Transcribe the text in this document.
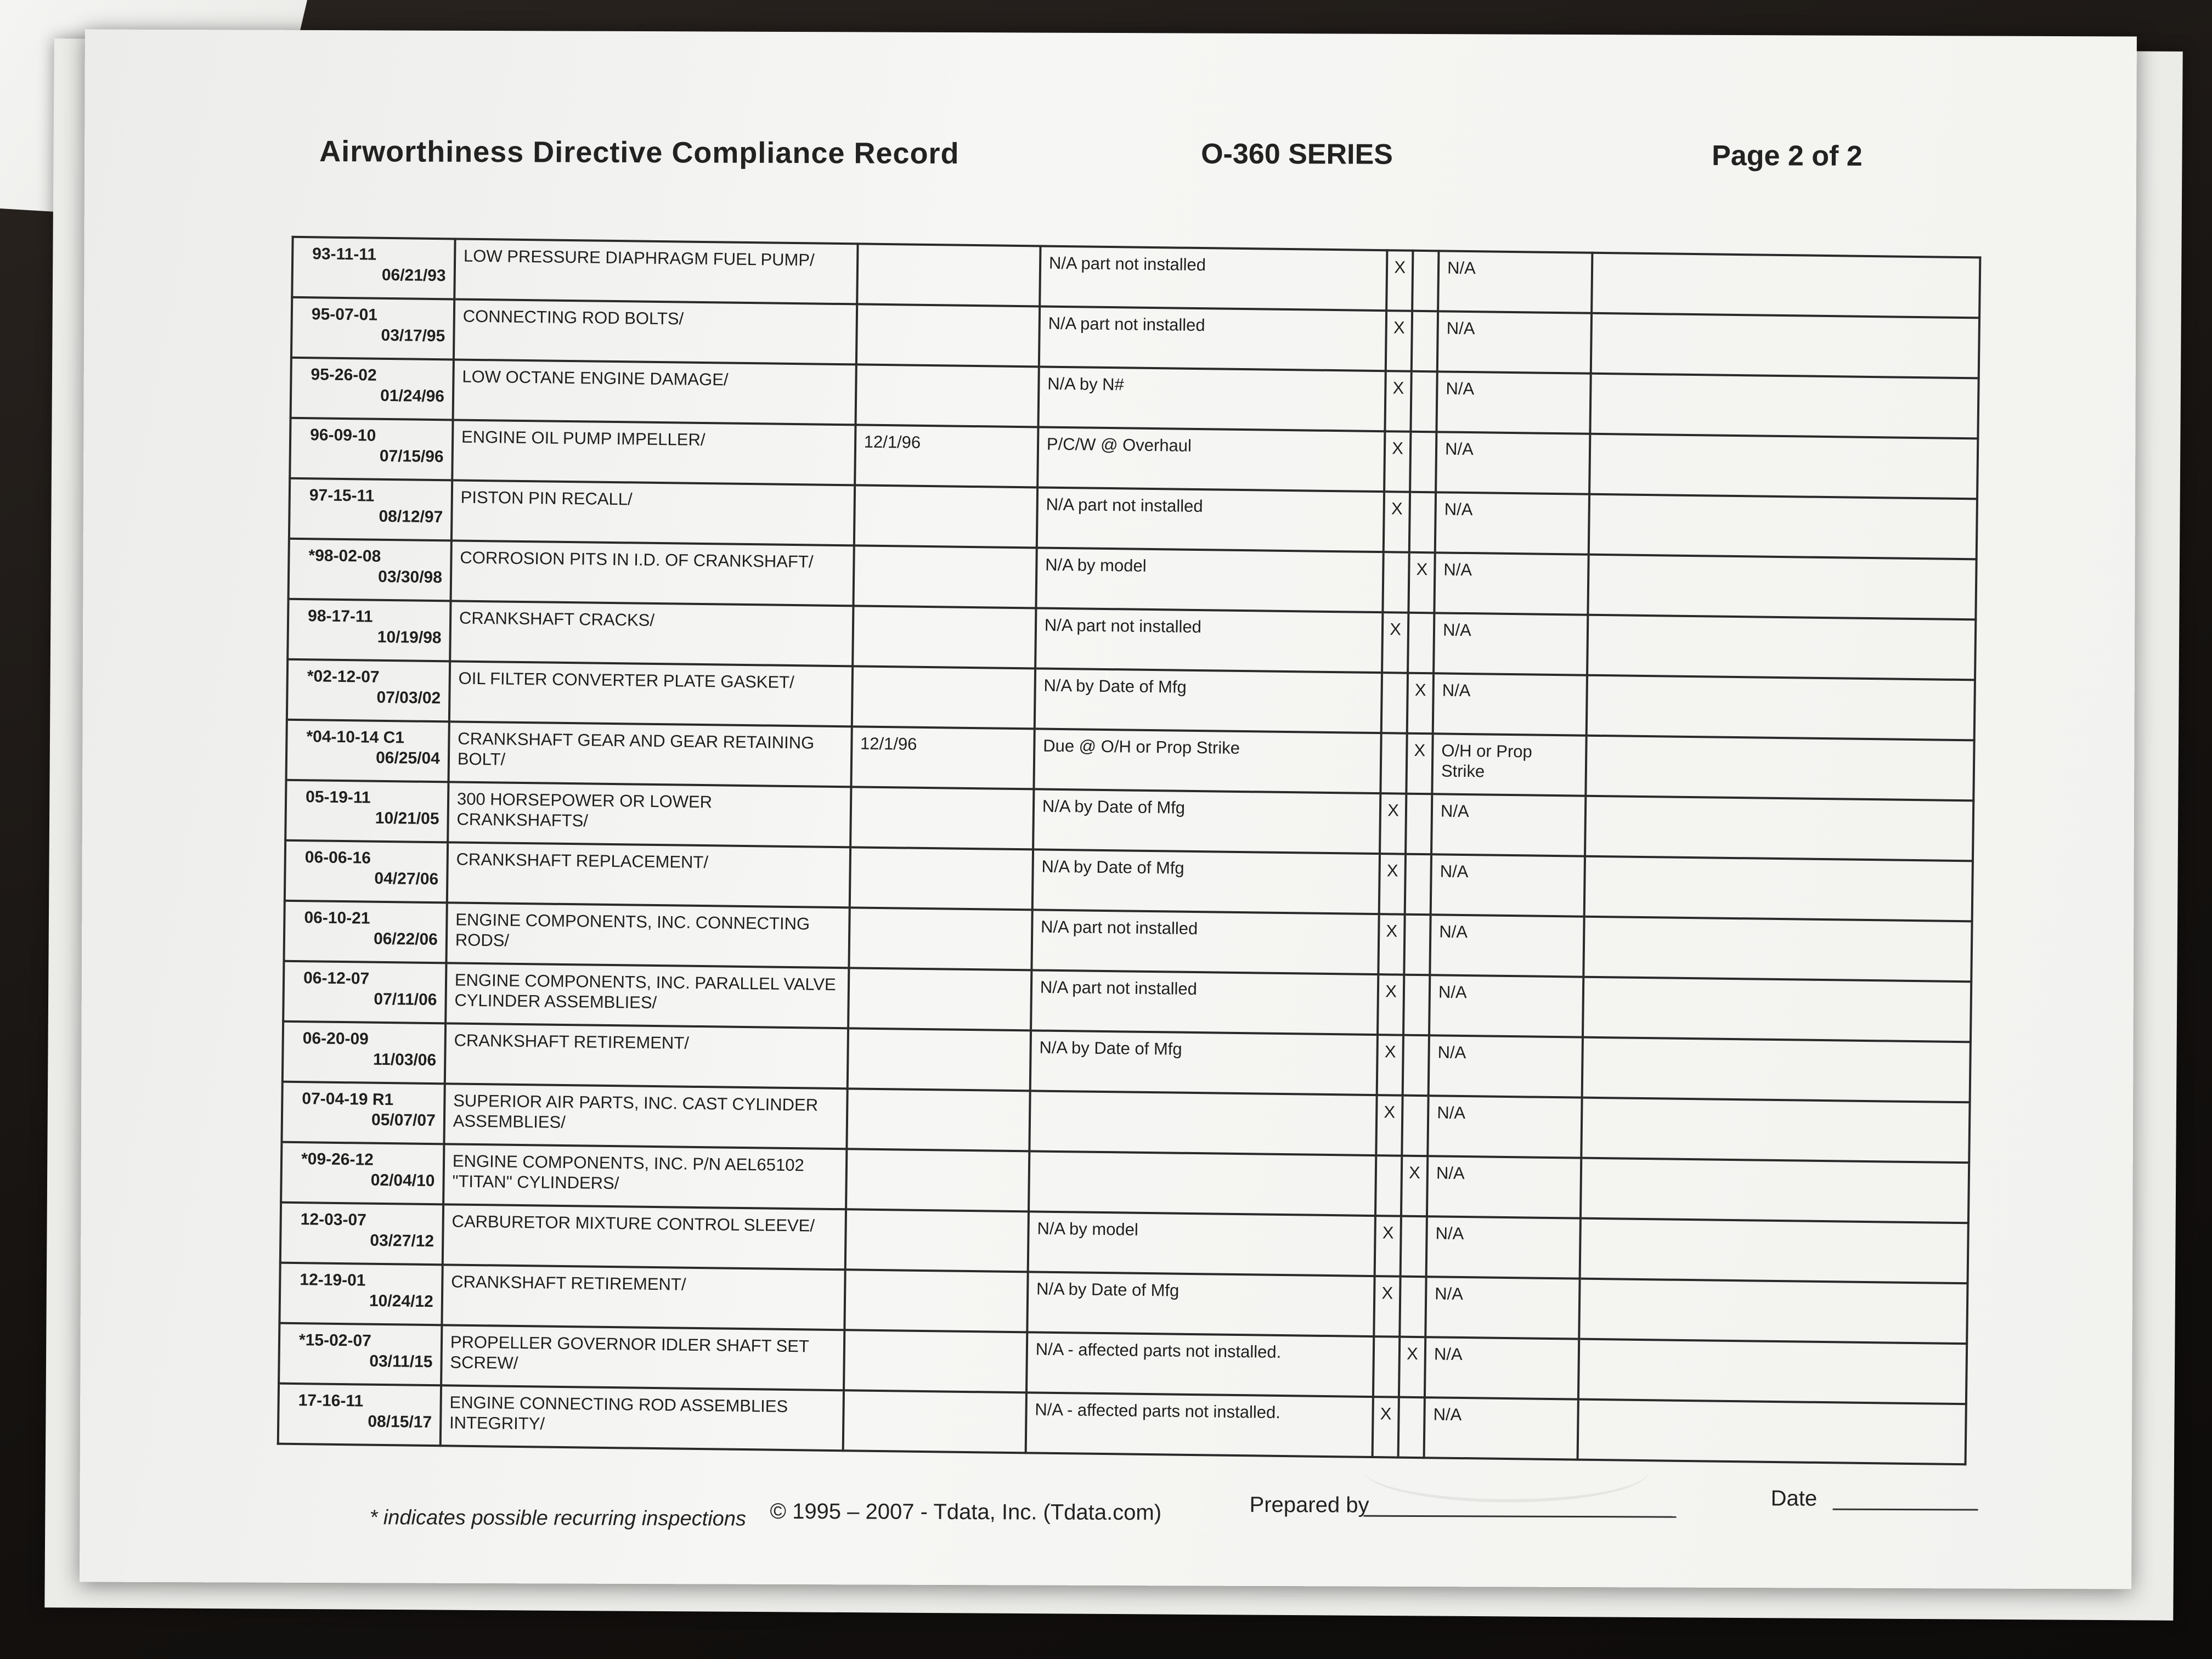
Airworthiness Directive Compliance Record	O-360 SERIES	Page 2 of 2
93-11-11
06/21/93	LOW PRESSURE DIAPHRAGM FUEL PUMP/		N/A part not installed	X		N/A	

95-07-01
03/17/95	CONNECTING ROD BOLTS/		N/A part not installed	X		N/A	

95-26-02
01/24/96	LOW OCTANE ENGINE DAMAGE/		N/A by N#	X		N/A	

96-09-10
07/15/96	ENGINE OIL PUMP IMPELLER/	12/1/96	P/C/W @ Overhaul	X		N/A	

97-15-11
08/12/97	PISTON PIN RECALL/		N/A part not installed	X		N/A	

*98-02-08
03/30/98	CORROSION PITS IN I.D. OF CRANKSHAFT/		N/A by model		X	N/A	

98-17-11
10/19/98	CRANKSHAFT CRACKS/		N/A part not installed	X		N/A	

*02-12-07
07/03/02	OIL FILTER CONVERTER PLATE GASKET/		N/A by Date of Mfg		X	N/A	

*04-10-14 C1
06/25/04	CRANKSHAFT GEAR AND GEAR RETAINING BOLT/	12/1/96	Due @ O/H or Prop Strike		X	O/H or Prop Strike	

05-19-11
10/21/05	300 HORSEPOWER OR LOWER CRANKSHAFTS/		N/A by Date of Mfg	X		N/A	

06-06-16
04/27/06	CRANKSHAFT REPLACEMENT/		N/A by Date of Mfg	X		N/A	

06-10-21
06/22/06	ENGINE COMPONENTS, INC. CONNECTING RODS/		N/A part not installed	X		N/A	

06-12-07
07/11/06	ENGINE COMPONENTS, INC. PARALLEL VALVE CYLINDER ASSEMBLIES/		N/A part not installed	X		N/A	

06-20-09
11/03/06	CRANKSHAFT RETIREMENT/		N/A by Date of Mfg	X		N/A	

07-04-19 R1
05/07/07	SUPERIOR AIR PARTS, INC. CAST CYLINDER ASSEMBLIES/			X		N/A	

*09-26-12
02/04/10	ENGINE COMPONENTS, INC. P/N AEL65102 "TITAN" CYLINDERS/				X	N/A	

12-03-07
03/27/12	CARBURETOR MIXTURE CONTROL SLEEVE/		N/A by model	X		N/A	

12-19-01
10/24/12	CRANKSHAFT RETIREMENT/		N/A by Date of Mfg	X		N/A	

*15-02-07
03/11/15	PROPELLER GOVERNOR IDLER SHAFT SET SCREW/		N/A - affected parts not installed.		X	N/A	

17-16-11
08/15/17	ENGINE CONNECTING ROD ASSEMBLIES INTEGRITY/		N/A - affected parts not installed.	X		N/A	
* indicates possible recurring inspections © 1995 – 2007 - Tdata, Inc. (Tdata.com)	Prepared by	Date
